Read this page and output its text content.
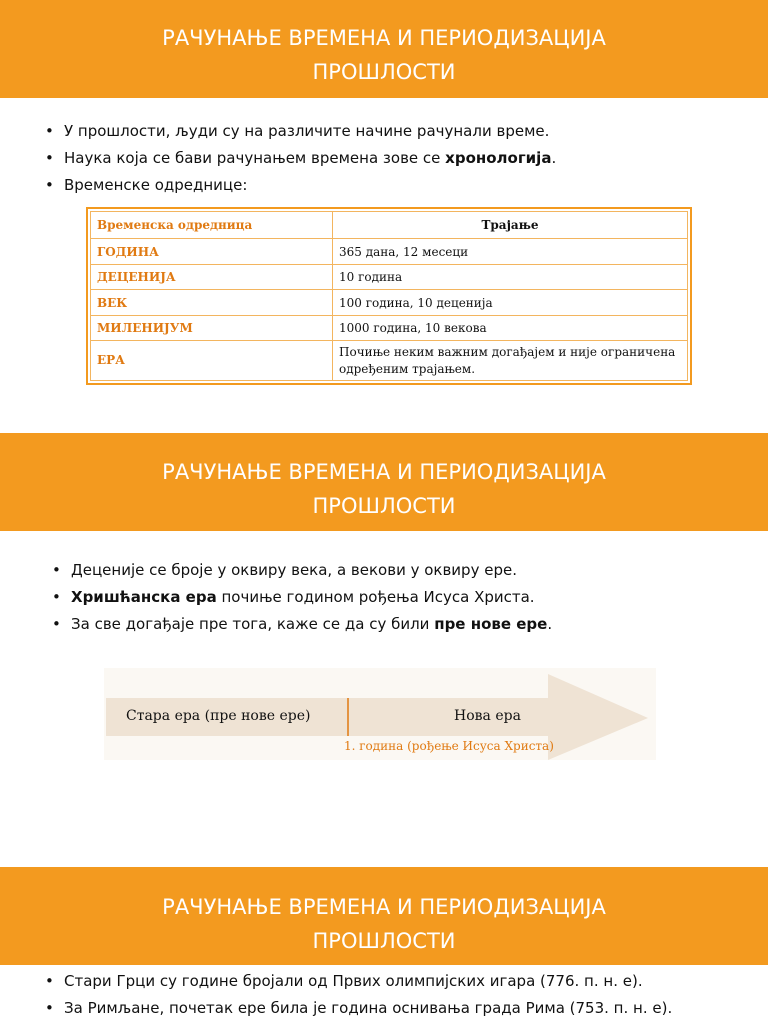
РАЧУНАЊЕ ВРЕМЕНА И ПЕРИОДИЗАЦИЈА
ПРОШЛОСТИ
• У прошлости, људи су на различите начине рачунали време.
• Наука која се бави рачунањем времена зове се хронологија.
• Временске одреднице:
Временска одредница	Трајање
ГОДИНА	365 дана, 12 месеци
ДЕЦЕНИЈА	10 година
ВЕК	100 година, 10 деценија
МИЛЕНИЈУМ	1000 година, 10 векова
ЕРА	Почиње неким важним догађајем и није ограничена
одређеним трајањем.
РАЧУНАЊЕ ВРЕМЕНА И ПЕРИОДИЗАЦИЈА
ПРОШЛОСТИ
• Деценије се броје у оквиру века, а векови у оквиру ере.
• Хришћанска ера почиње годином рођења Исуса Христа.
• За све догађаје пре тога, каже се да су били пре нове ере.
Стара ера (пре нове ере)	Нова ера
1. година (рођење Исуса Христа)
РАЧУНАЊЕ ВРЕМЕНА И ПЕРИОДИЗАЦИЈА
ПРОШЛОСТИ
• Стари Грци су године бројали од Првих олимпијских игара (776. п. н. е).
• За Римљане, почетак ере била је година оснивања града Рима (753. п. н. е).
